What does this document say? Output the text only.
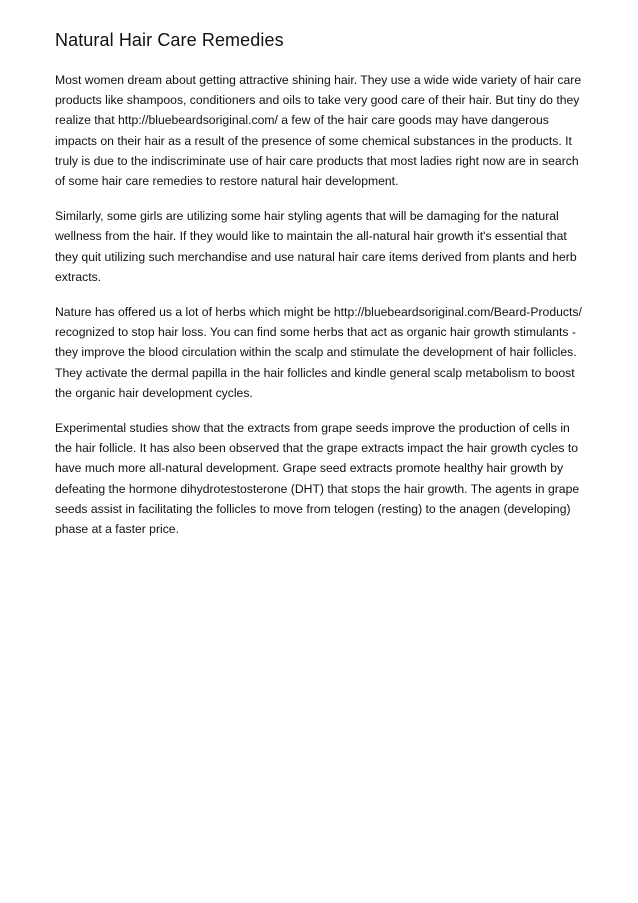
Natural Hair Care Remedies

Most women dream about getting attractive shining hair. They use a wide wide variety of hair care products like shampoos, conditioners and oils to take very good care of their hair. But tiny do they realize that http://bluebeardsoriginal.com/ a few of the hair care goods may have dangerous impacts on their hair as a result of the presence of some chemical substances in the products. It truly is due to the indiscriminate use of hair care products that most ladies right now are in search of some hair care remedies to restore natural hair development.

Similarly, some girls are utilizing some hair styling agents that will be damaging for the natural wellness from the hair. If they would like to maintain the all-natural hair growth it's essential that they quit utilizing such merchandise and use natural hair care items derived from plants and herb extracts.

Nature has offered us a lot of herbs which might be http://bluebeardsoriginal.com/Beard-Products/ recognized to stop hair loss. You can find some herbs that act as organic hair growth stimulants - they improve the blood circulation within the scalp and stimulate the development of hair follicles. They activate the dermal papilla in the hair follicles and kindle general scalp metabolism to boost the organic hair development cycles.

Experimental studies show that the extracts from grape seeds improve the production of cells in the hair follicle. It has also been observed that the grape extracts impact the hair growth cycles to have much more all-natural development. Grape seed extracts promote healthy hair growth by defeating the hormone dihydrotestosterone (DHT) that stops the hair growth. The agents in grape seeds assist in facilitating the follicles to move from telogen (resting) to the anagen (developing) phase at a faster price.
